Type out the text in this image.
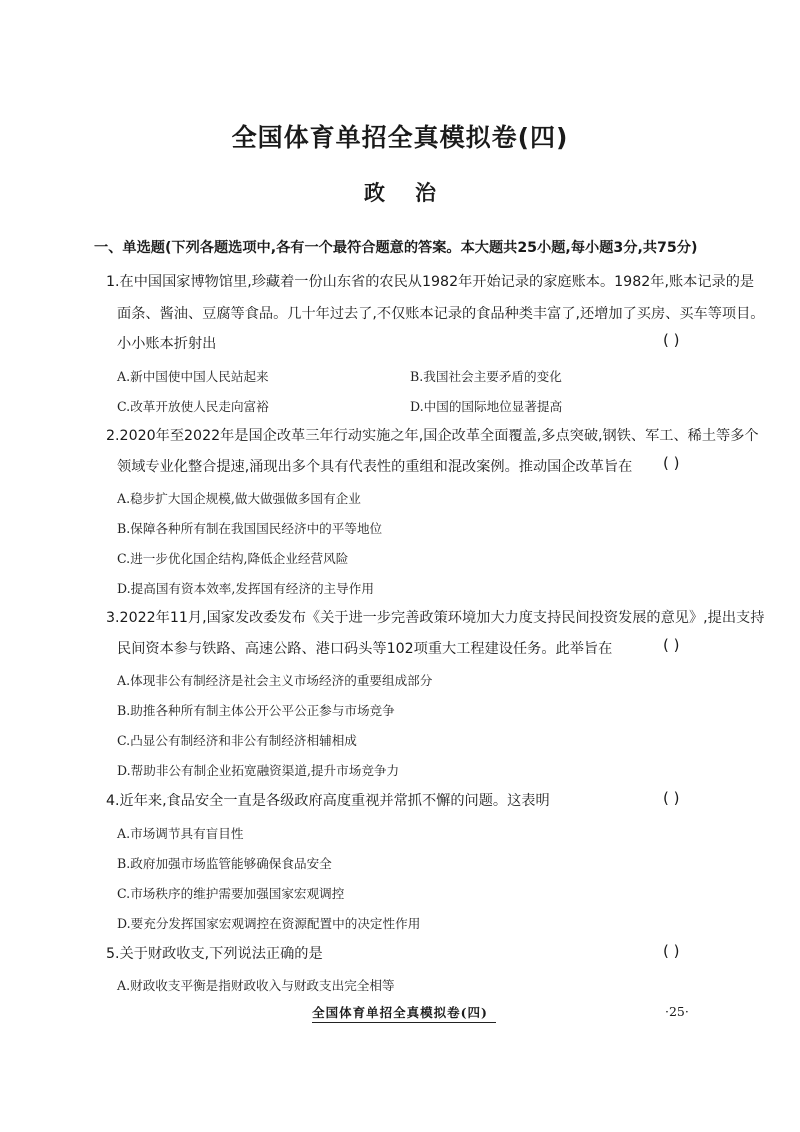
全国体育单招全真模拟卷(四)
政治
一、单选题(下列各题选项中,各有一个最符合题意的答案。本大题共25小题,每小题3分,共75分)
1.在中国国家博物馆里,珍藏着一份山东省的农民从1982年开始记录的家庭账本。1982年,账本记录的是
面条、酱油、豆腐等食品。几十年过去了,不仅账本记录的食品种类丰富了,还增加了买房、买车等项目。
小小账本折射出	( )
A.新中国使中国人民站起来	B.我国社会主要矛盾的变化
C.改革开放使人民走向富裕	D.中国的国际地位显著提高
2.2020年至2022年是国企改革三年行动实施之年,国企改革全面覆盖,多点突破,钢铁、军工、稀土等多个
领域专业化整合提速,涌现出多个具有代表性的重组和混改案例。推动国企改革旨在 ( )
A.稳步扩大国企规模,做大做强做多国有企业
B.保障各种所有制在我国国民经济中的平等地位
C.进一步优化国企结构,降低企业经营风险
D.提高国有资本效率,发挥国有经济的主导作用
3.2022年11月,国家发改委发布《关于进一步完善政策环境加大力度支持民间投资发展的意见》,提出支持
民间资本参与铁路、高速公路、港口码头等102项重大工程建设任务。此举旨在	( )
A.体现非公有制经济是社会主义市场经济的重要组成部分
B.助推各种所有制主体公开公平公正参与市场竞争
C.凸显公有制经济和非公有制经济相辅相成
D.帮助非公有制企业拓宽融资渠道,提升市场竞争力
4.近年来,食品安全一直是各级政府高度重视并常抓不懈的问题。这表明	( )
A.市场调节具有盲目性
B.政府加强市场监管能够确保食品安全
C.市场秩序的维护需要加强国家宏观调控
D.要充分发挥国家宏观调控在资源配置中的决定性作用
5.关于财政收支,下列说法正确的是	( )
A.财政收支平衡是指财政收入与财政支出完全相等
全国体育单招全真模拟卷(四)	·25·
